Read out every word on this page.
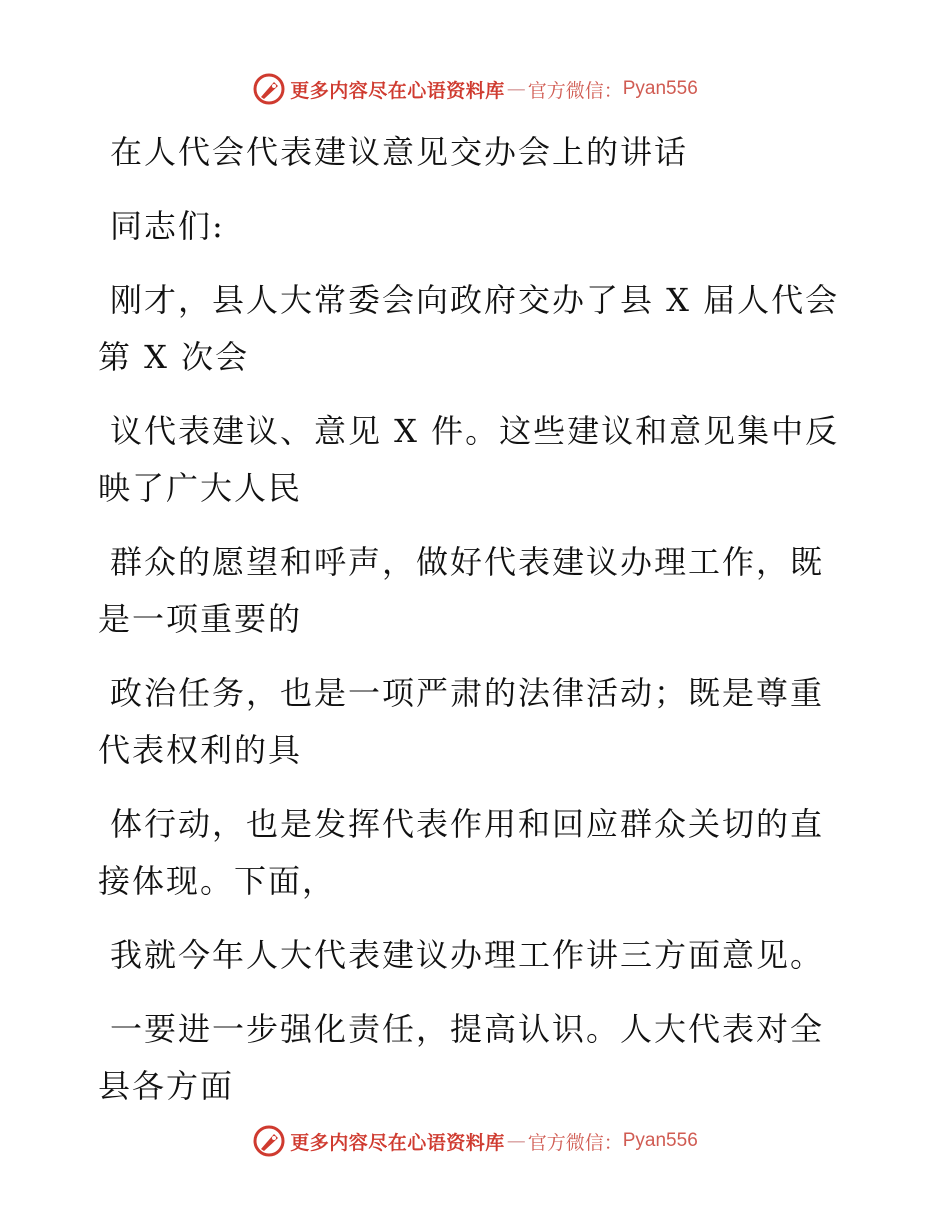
更多内容尽在心语资料库 — 官方微信： Pyan556
在人代会代表建议意见交办会上的讲话
同志们:
刚才，县人大常委会向政府交办了县 X 届人代会
第 X 次会
议代表建议、意见 X 件。这些建议和意见集中反
映了广大人民
群众的愿望和呼声，做好代表建议办理工作，既
是一项重要的
政治任务，也是一项严肃的法律活动；既是尊重
代表权利的具
体行动，也是发挥代表作用和回应群众关切的直
接体现。下面，
我就今年人大代表建议办理工作讲三方面意见。
一要进一步强化责任，提高认识。人大代表对全
县各方面
更多内容尽在心语资料库 — 官方微信： Pyan556
